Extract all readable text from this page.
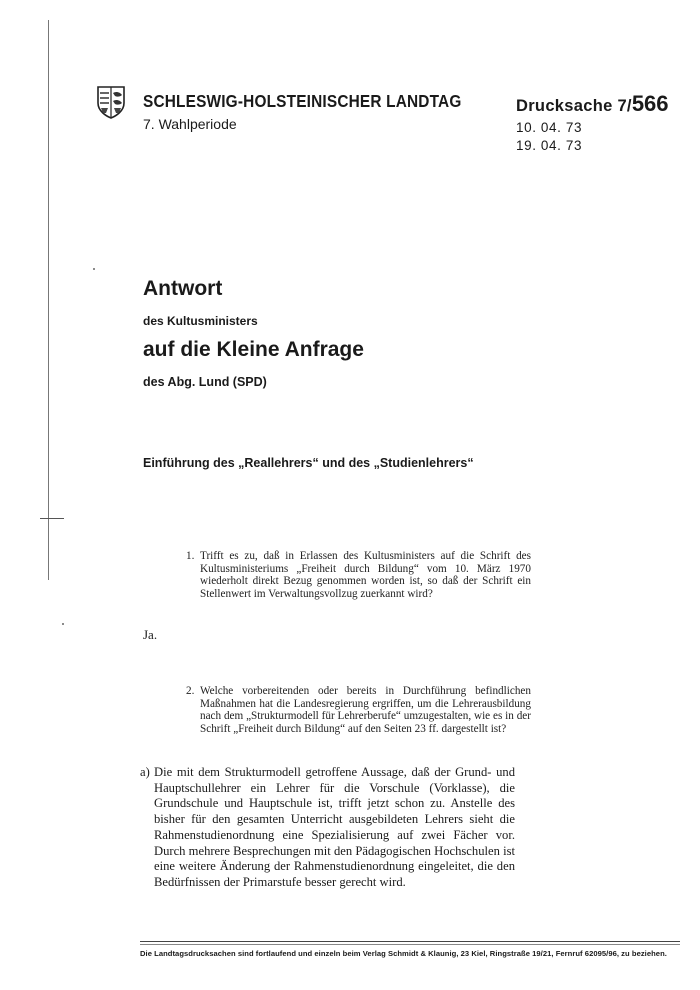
SCHLESWIG-HOLSTEINISCHER LANDTAG
7. Wahlperiode
Drucksache 7/566
10. 04. 73
19. 04. 73
Antwort
des Kultusministers
auf die Kleine Anfrage
des Abg. Lund (SPD)
Einführung des „Reallehrers“ und des „Studienlehrers“
1. Trifft es zu, daß in Erlassen des Kultusministers auf die Schrift des Kultusministeriums „Freiheit durch Bildung“ vom 10. März 1970 wiederholt direkt Bezug genommen worden ist, so daß der Schrift ein Stellenwert im Verwaltungsvollzug zuerkannt wird?
Ja.
2. Welche vorbereitenden oder bereits in Durchführung befindlichen Maßnahmen hat die Landesregierung ergriffen, um die Lehrerausbildung nach dem „Strukturmodell für Lehrerberufe“ umzugestalten, wie es in der Schrift „Freiheit durch Bildung“ auf den Seiten 23 ff. dargestellt ist?
a) Die mit dem Strukturmodell getroffene Aussage, daß der Grund- und Hauptschullehrer ein Lehrer für die Vorschule (Vorklasse), die Grundschule und Hauptschule ist, trifft jetzt schon zu. Anstelle des bisher für den gesamten Unterricht ausgebildeten Lehrers sieht die Rahmenstudienordnung eine Spezialisierung auf zwei Fächer vor. Durch mehrere Besprechungen mit den Pädagogischen Hochschulen ist eine weitere Änderung der Rahmenstudienordnung eingeleitet, die den Bedürfnissen der Primarstufe besser gerecht wird.
Die Landtagsdrucksachen sind fortlaufend und einzeln beim Verlag Schmidt & Klaunig, 23 Kiel, Ringstraße 19/21, Fernruf 62095/96, zu beziehen.
